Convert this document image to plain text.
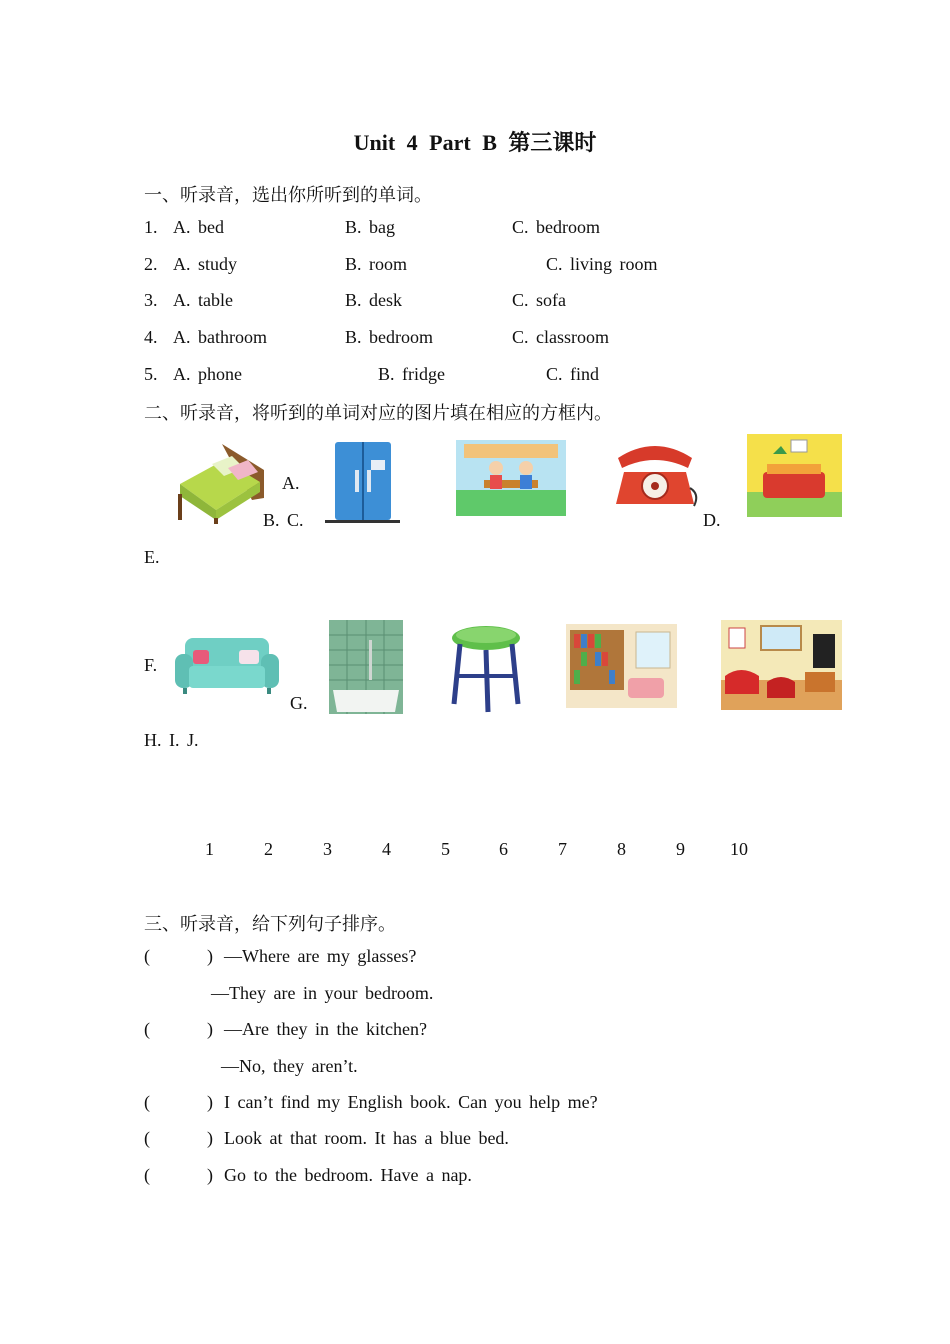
Unit 4 Part B 第三课时
一、听录音，选出你所听到的单词。
1. A. bed	B. bag	C. bedroom
2. A. study	B. room	C. living room
3. A. table	B. desk	C. sofa
4. A. bathroom	B. bedroom	C. classroom
5. A. phone	B. fridge	C. find
二、听录音，将听到的单词对应的图片填在相应的方框内。
A.
B. C.	D.
E.
F.
G.
H. I. J.
1	2	3	4	5	6	7	8	9	10
三、听录音，给下列句子排序。
(	) —Where are my glasses?
—They are in your bedroom.
(	) —Are they in the kitchen?
—No, they aren’t.
(	) I can’t find my English book. Can you help me?
(	) Look at that room. It has a blue bed.
(	) Go to the bedroom. Have a nap.
